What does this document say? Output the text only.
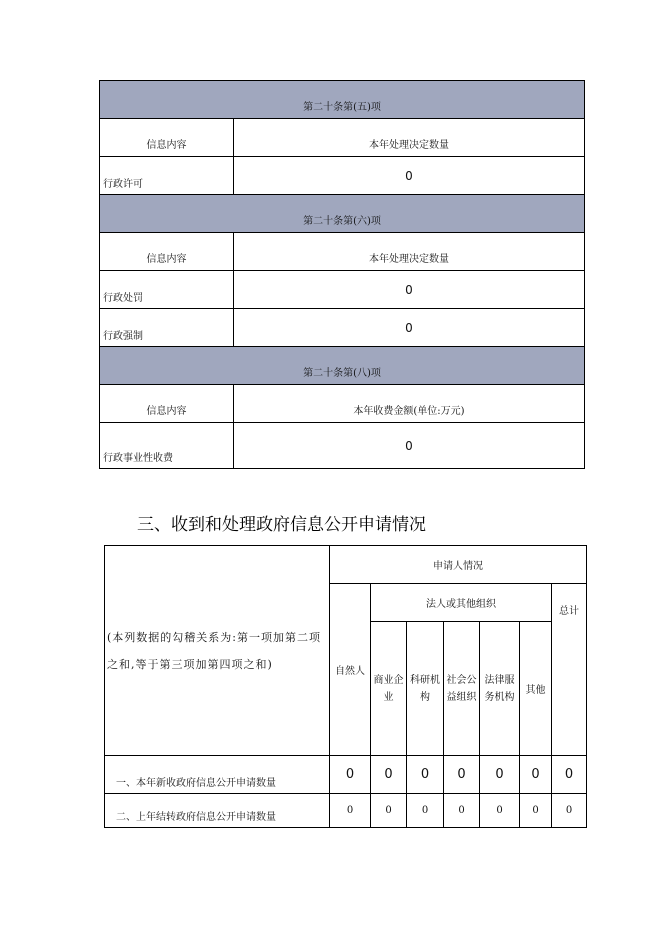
第二十条第(五)项	
信息内容	本年处理决定数量
行政许可	0
第二十条第(六)项	
信息内容	本年处理决定数量
行政处罚	0
行政强制	0
第二十条第(八)项	
信息内容	本年收费金额(单位:万元)
行政事业性收费	0
三、收到和处理政府信息公开申请情况
(本列数据的勾稽关系为:第一项加第二项之和,等于第三项加第四项之和)	申请人情况						
	自然人	法人或其他组织					总计
		商业企业	科研机构	社会公益组织	法律服务机构	其他	

一、本年新收政府信息公开申请数量	0	0	0	0	0	0	0
二、上年结转政府信息公开申请数量	0	0	0	0	0	0	0
